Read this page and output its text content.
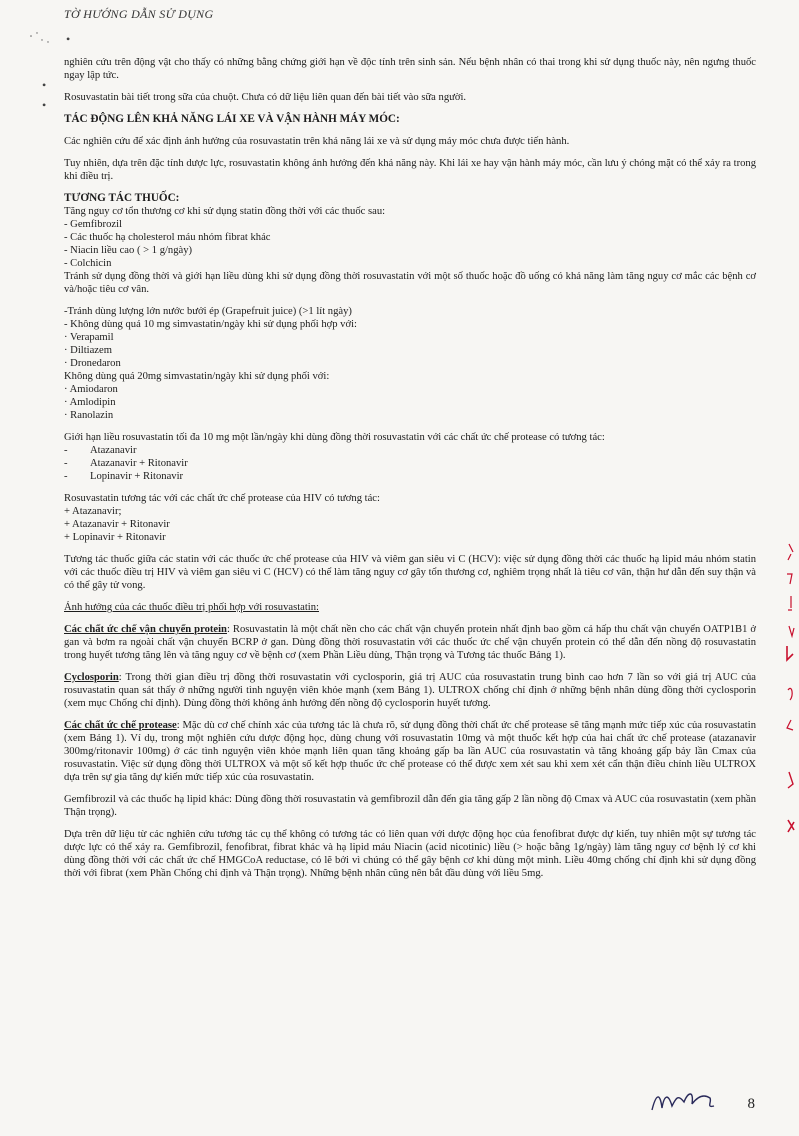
TỜ HƯỚNG DẪN SỬ DỤNG
•
•
•

nghiên cứu trên động vật cho thấy có những bằng chứng giới hạn về độc tính trên sinh sản. Nếu bệnh nhân có thai trong khi sử dụng thuốc này, nên ngưng thuốc ngay lập tức.

Rosuvastatin bài tiết trong sữa của chuột. Chưa có dữ liệu liên quan đến bài tiết vào sữa người.

TÁC ĐỘNG LÊN KHẢ NĂNG LÁI XE VÀ VẬN HÀNH MÁY MÓC:

Các nghiên cứu để xác định ảnh hưởng của rosuvastatin trên khả năng lái xe và sử dụng máy móc chưa được tiến hành.

Tuy nhiên, dựa trên đặc tính dược lực, rosuvastatin không ảnh hưởng đến khả năng này. Khi lái xe hay vận hành máy móc, cần lưu ý chóng mặt có thể xảy ra trong khi điều trị.

TƯƠNG TÁC THUỐC:

Tăng nguy cơ tổn thương cơ khi sử dụng statin đồng thời với các thuốc sau:

- Gemfibrozil
- Các thuốc hạ cholesterol máu nhóm fibrat khác
- Niacin liều cao ( > 1 g/ngày)
- Colchicin

Tránh sử dụng đồng thời và giới hạn liều dùng khi sử dụng đồng thời rosuvastatin với một số thuốc hoặc đồ uống có khả năng làm tăng nguy cơ mắc các bệnh cơ và/hoặc tiêu cơ vân.

-Tránh dùng lượng lớn nước bưởi ép (Grapefruit juice) (>1 lít ngày)
- Không dùng quá 10 mg simvastatin/ngày khi sử dụng phối hợp với:
· Verapamil
· Diltiazem
· Dronedaron
Không dùng quá 20mg simvastatin/ngày khi sử dụng phối với:
· Amiodaron
· Amlodipin
· Ranolazin

Giới hạn liều rosuvastatin tối đa 10 mg một lần/ngày khi dùng đồng thời rosuvastatin với các chất ức chế protease có tương tác:

-	Atazanavir
-	Atazanavir + Ritonavir
-	Lopinavir + Ritonavir

Rosuvastatin tương tác với các chất ức chế protease của HIV có tương tác:

+ Atazanavir;
+ Atazanavir + Ritonavir
+ Lopinavir + Ritonavir

Tương tác thuốc giữa các statin với các thuốc ức chế protease của HIV và viêm gan siêu vi C (HCV): việc sử dụng đồng thời các thuốc hạ lipid máu nhóm statin với các thuốc điều trị HIV và viêm gan siêu vi C (HCV) có thể làm tăng nguy cơ gây tổn thương cơ, nghiêm trọng nhất là tiêu cơ vân, thận hư dẫn đến suy thận và có thể gây tử vong.

Ảnh hưởng của các thuốc điều trị phối hợp với rosuvastatin:

Các chất ức chế vận chuyển protein: Rosuvastatin là một chất nền cho các chất vận chuyển protein nhất định bao gồm cả hấp thu chất vận chuyển OATP1B1 ở gan và bơm ra ngoài chất vận chuyển BCRP ở gan. Dùng đồng thời rosuvastatin với các thuốc ức chế vận chuyển protein có thể dẫn đến nồng độ rosuvastatin trong huyết tương tăng lên và tăng nguy cơ về bệnh cơ (xem Phần Liều dùng, Thận trọng và Tương tác thuốc Bảng 1).

Cyclosporin: Trong thời gian điều trị đồng thời rosuvastatin với cyclosporin, giá trị AUC của rosuvastatin trung bình cao hơn 7 lần so với giá trị AUC của rosuvastatin quan sát thấy ở những người tình nguyện viên khỏe mạnh (xem Bảng 1). ULTROX chống chỉ định ở những bệnh nhân dùng đồng thời cyclosporin (xem mục Chống chỉ định). Dùng đồng thời không ảnh hưởng đến nồng độ cyclosporin huyết tương.

Các chất ức chế protease: Mặc dù cơ chế chính xác của tương tác là chưa rõ, sử dụng đồng thời chất ức chế protease sẽ tăng mạnh mức tiếp xúc của rosuvastatin (xem Bảng 1). Ví dụ, trong một nghiên cứu dược động học, dùng chung với rosuvastatin 10mg và một thuốc kết hợp của hai chất ức chế protease (atazanavir 300mg/ritonavir 100mg) ở các tình nguyện viên khỏe mạnh liên quan tăng khoảng gấp ba lần AUC của rosuvastatin và tăng khoảng gấp bảy lần Cmax của rosuvastatin. Việc sử dụng đồng thời ULTROX và một số kết hợp thuốc ức chế protease có thể được xem xét sau khi xem xét cẩn thận điều chỉnh liều ULTROX dựa trên sự gia tăng dự kiến mức tiếp xúc của rosuvastatin.

Gemfibrozil và các thuốc hạ lipid khác: Dùng đồng thời rosuvastatin và gemfibrozil dẫn đến gia tăng gấp 2 lần nồng độ Cmax và AUC của rosuvastatin (xem phần Thận trọng).

Dựa trên dữ liệu từ các nghiên cứu tương tác cụ thể không có tương tác có liên quan với dược động học của fenofibrat được dự kiến, tuy nhiên một sự tương tác dược lực có thể xảy ra. Gemfibrozil, fenofibrat, fibrat khác và hạ lipid máu Niacin (acid nicotinic) liều (> hoặc bằng 1g/ngày) làm tăng nguy cơ bệnh lý cơ khi dùng đồng thời với các chất ức chế HMGCoA reductase, có lẽ bởi vì chúng có thể gây bệnh cơ khi dùng một mình. Liều 40mg chống chỉ định khi sử dụng đồng thời với fibrat (xem Phần Chống chỉ định và Thận trọng). Những bệnh nhân cũng nên bắt đầu dùng với liều 5mg.

8
